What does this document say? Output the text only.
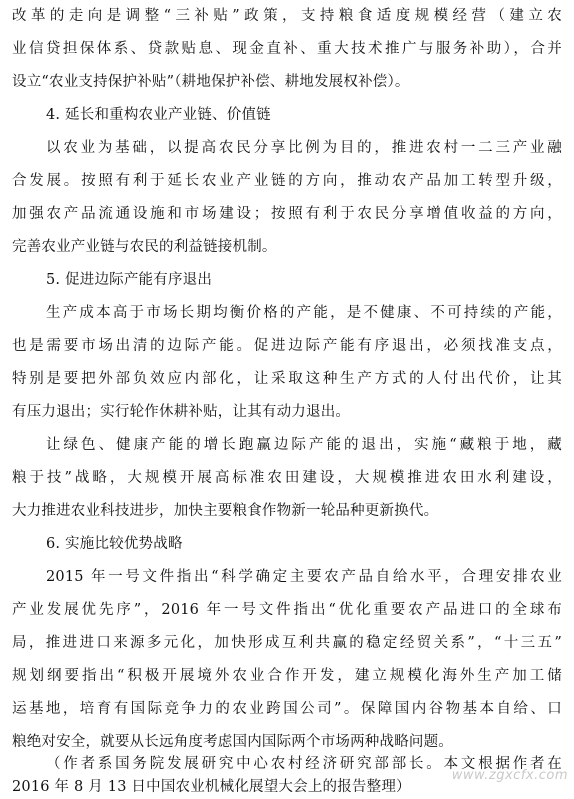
改革的走向是调整“三补贴”政策，支持粮食适度规模经营（建立农
业信贷担保体系、贷款贴息、现金直补、重大技术推广与服务补助），合并
设立“农业支持保护补贴”（耕地保护补偿、耕地发展权补偿）。
4. 延长和重构农业产业链、价值链
以农业为基础，以提高农民分享比例为目的，推进农村一二三产业融
合发展。按照有利于延长农业产业链的方向，推动农产品加工转型升级，
加强农产品流通设施和市场建设；按照有利于农民分享增值收益的方向，
完善农业产业链与农民的利益链接机制。
5. 促进边际产能有序退出
生产成本高于市场长期均衡价格的产能，是不健康、不可持续的产能，
也是需要市场出清的边际产能。促进边际产能有序退出，必须找准支点，
特别是要把外部负效应内部化，让采取这种生产方式的人付出代价，让其
有压力退出；实行轮作休耕补贴，让其有动力退出。
让绿色、健康产能的增长跑赢边际产能的退出，实施“藏粮于地，藏
粮于技”战略，大规模开展高标准农田建设，大规模推进农田水利建设，
大力推进农业科技进步，加快主要粮食作物新一轮品种更新换代。
6. 实施比较优势战略
2015 年一号文件指出“科学确定主要农产品自给水平，合理安排农业
产业发展优先序”，2016 年一号文件指出“优化重要农产品进口的全球布
局，推进进口来源多元化，加快形成互利共赢的稳定经贸关系”，“十三五”
规划纲要指出“积极开展境外农业合作开发，建立规模化海外生产加工储
运基地，培育有国际竞争力的农业跨国公司”。保障国内谷物基本自给、口
粮绝对安全，就要从长远角度考虑国内国际两个市场两种战略问题。
（作者系国务院发展研究中心农村经济研究部部长。本文根据作者在
2016 年 8 月 13 日中国农业机械化展望大会上的报告整理）
www.zgxcfx.com
